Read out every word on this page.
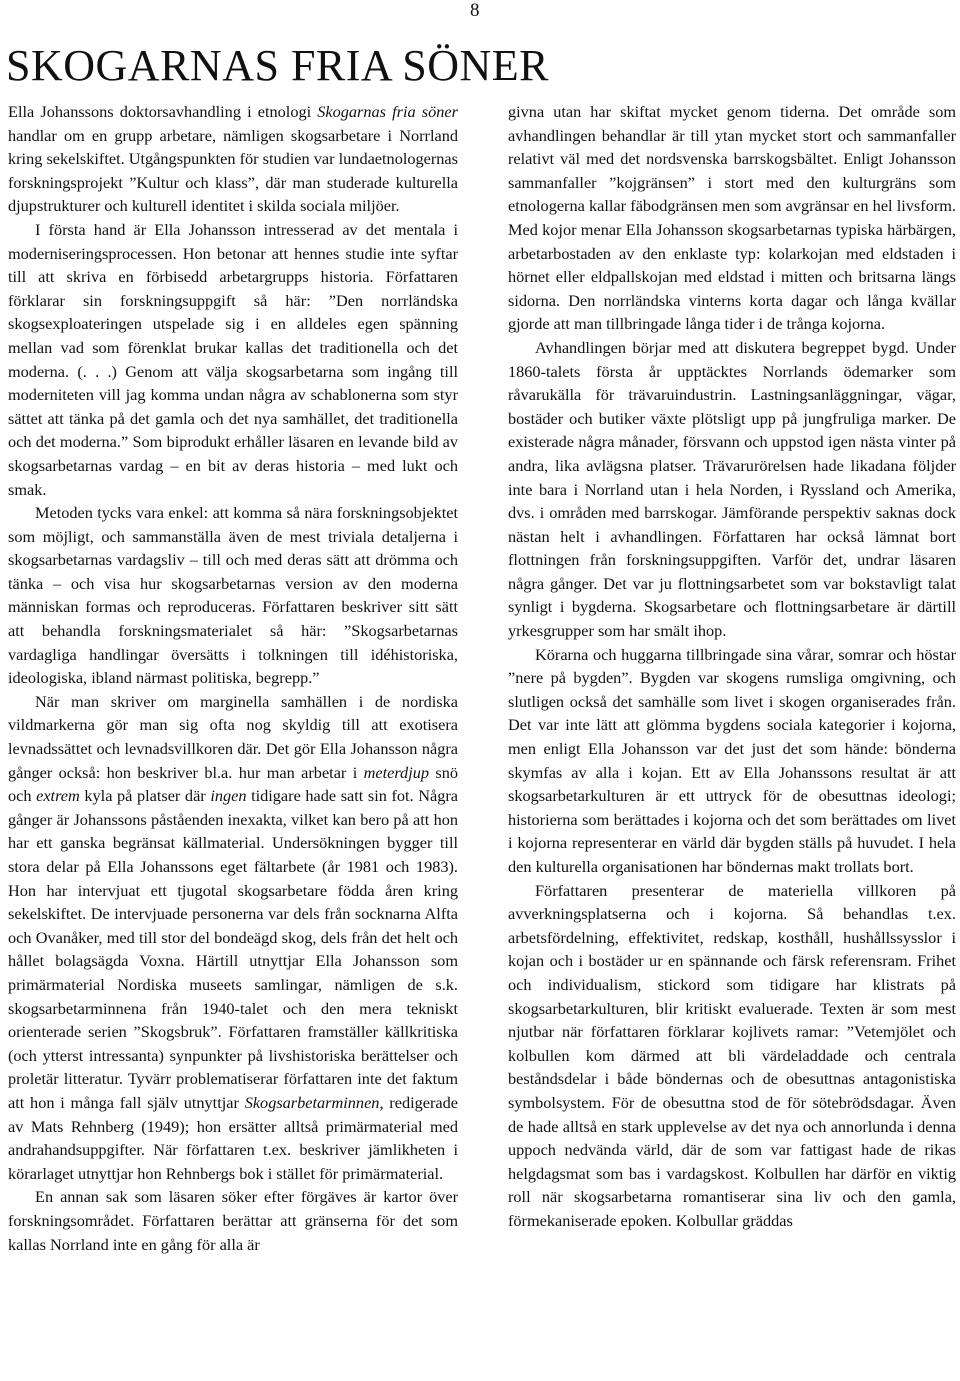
8
SKOGARNAS FRIA SÖNER

Ella Johanssons doktorsavhandling i etnologi Skogarnas fria söner handlar om en grupp arbetare, nämligen skogsarbetare i Norrland kring sekelskiftet. Utgångspunkten för studien var lundaetnologernas forskningsprojekt ”Kultur och klass”, där man studerade kulturella djupstrukturer och kulturell identitet i skilda sociala miljöer.

I första hand är Ella Johansson intresserad av det mentala i moderniseringsprocessen. Hon betonar att hennes studie inte syftar till att skriva en förbisedd arbetargrupps historia. Författaren förklarar sin forskningsuppgift så här: ”Den norrländska skogsexploateringen utspelade sig i en alldeles egen spänning mellan vad som förenklat brukar kallas det traditionella och det moderna. (. . .) Genom att välja skogsarbetarna som ingång till moderniteten vill jag komma undan några av schablonerna som styr sättet att tänka på det gamla och det nya samhället, det traditionella och det moderna.” Som biprodukt erhåller läsaren en levande bild av skogsarbetarnas vardag – en bit av deras historia – med lukt och smak.

Metoden tycks vara enkel: att komma så nära forskningsobjektet som möjligt, och sammanställa även de mest triviala detaljerna i skogsarbetarnas vardagsliv – till och med deras sätt att drömma och tänka – och visa hur skogsarbetarnas version av den moderna människan formas och reproduceras. Författaren beskriver sitt sätt att behandla forskningsmaterialet så här: ”Skogsarbetarnas vardagliga handlingar översätts i tolkningen till idéhistoriska, ideologiska, ibland närmast politiska, begrepp.”

När man skriver om marginella samhällen i de nordiska vildmarkerna gör man sig ofta nog skyldig till att exotisera levnadssättet och levnadsvillkoren där. Det gör Ella Johansson några gånger också: hon beskriver bl.a. hur man arbetar i meterdjup snö och extrem kyla på platser där ingen tidigare hade satt sin fot. Några gånger är Johanssons påståenden inexakta, vilket kan bero på att hon har ett ganska begränsat källmaterial. Undersökningen bygger till stora delar på Ella Johanssons eget fältarbete (år 1981 och 1983). Hon har intervjuat ett tjugotal skogsarbetare födda åren kring sekelskiftet. De intervjuade personerna var dels från socknarna Alfta och Ovanåker, med till stor del bondeägd skog, dels från det helt och hållet bolagsägda Voxna. Härtill utnyttjar Ella Johansson som primärmaterial Nordiska museets samlingar, nämligen de s.k. skogsarbetarminnena från 1940-talet och den mera tekniskt orienterade serien ”Skogsbruk”. Författaren framställer källkritiska (och ytterst intressanta) synpunkter på livshistoriska berättelser och proletär litteratur. Tyvärr problematiserar författaren inte det faktum att hon i många fall själv utnyttjar Skogsarbetarminnen, redigerade av Mats Rehnberg (1949); hon ersätter alltså primärmaterial med andrahandsuppgifter. När författaren t.ex. beskriver jämlikheten i körarlaget utnyttjar hon Rehnbergs bok i stället för primärmaterial.

En annan sak som läsaren söker efter förgäves är kartor över forskningsområdet. Författaren berättar att gränserna för det som kallas Norrland inte en gång för alla är

givna utan har skiftat mycket genom tiderna. Det område som avhandlingen behandlar är till ytan mycket stort och sammanfaller relativt väl med det nordsvenska barrskogsbältet. Enligt Johansson sammanfaller ”kojgränsen” i stort med den kulturgräns som etnologerna kallar fäbodgränsen men som avgränsar en hel livsform. Med kojor menar Ella Johansson skogsarbetarnas typiska härbärgen, arbetarbostaden av den enklaste typ: kolarkojan med eldstaden i hörnet eller eldpallskojan med eldstad i mitten och britsarna längs sidorna. Den norrländska vinterns korta dagar och långa kvällar gjorde att man tillbringade långa tider i de trånga kojorna.

Avhandlingen börjar med att diskutera begreppet bygd. Under 1860-talets första år upptäcktes Norrlands ödemarker som råvarukälla för trävaruindustrin. Lastningsanläggningar, vägar, bostäder och butiker växte plötsligt upp på jungfruliga marker. De existerade några månader, försvann och uppstod igen nästa vinter på andra, lika avlägsna platser. Trävarurörelsen hade likadana följder inte bara i Norrland utan i hela Norden, i Ryssland och Amerika, dvs. i områden med barrskogar. Jämförande perspektiv saknas dock nästan helt i avhandlingen. Författaren har också lämnat bort flottningen från forskningsuppgiften. Varför det, undrar läsaren några gånger. Det var ju flottningsarbetet som var bokstavligt talat synligt i bygderna. Skogsarbetare och flottningsarbetare är därtill yrkesgrupper som har smält ihop.

Körarna och huggarna tillbringade sina vårar, somrar och höstar ”nere på bygden”. Bygden var skogens rumsliga omgivning, och slutligen också det samhälle som livet i skogen organiserades från. Det var inte lätt att glömma bygdens sociala kategorier i kojorna, men enligt Ella Johansson var det just det som hände: bönderna skymfas av alla i kojan. Ett av Ella Johanssons resultat är att skogsarbetarkulturen är ett uttryck för de obesuttnas ideologi; historierna som berättades i kojorna och det som berättades om livet i kojorna representerar en värld där bygden ställs på huvudet. I hela den kulturella organisationen har böndernas makt trollats bort.

Författaren presenterar de materiella villkoren på avverkningsplatserna och i kojorna. Så behandlas t.ex. arbetsfördelning, effektivitet, redskap, kosthåll, hushållssysslor i kojan och i bostäder ur en spännande och färsk referensram. Frihet och individualism, stickord som tidigare har klistrats på skogsarbetarkulturen, blir kritiskt evaluerade. Texten är som mest njutbar när författaren förklarar kojlivets ramar: ”Vetemjölet och kolbullen kom därmed att bli värdeladdade och centrala beståndsdelar i både böndernas och de obesuttnas antagonistiska symbolsystem. För de obesuttna stod de för sötebrödsdagar. Även de hade alltså en stark upplevelse av det nya och annorlunda i denna uppoch nedvända värld, där de som var fattigast hade de rikas helgdagsmat som bas i vardagskost. Kolbullen har därför en viktig roll när skogsarbetarna romantiserar sina liv och den gamla, förmekaniserade epoken. Kolbullar gräddas
